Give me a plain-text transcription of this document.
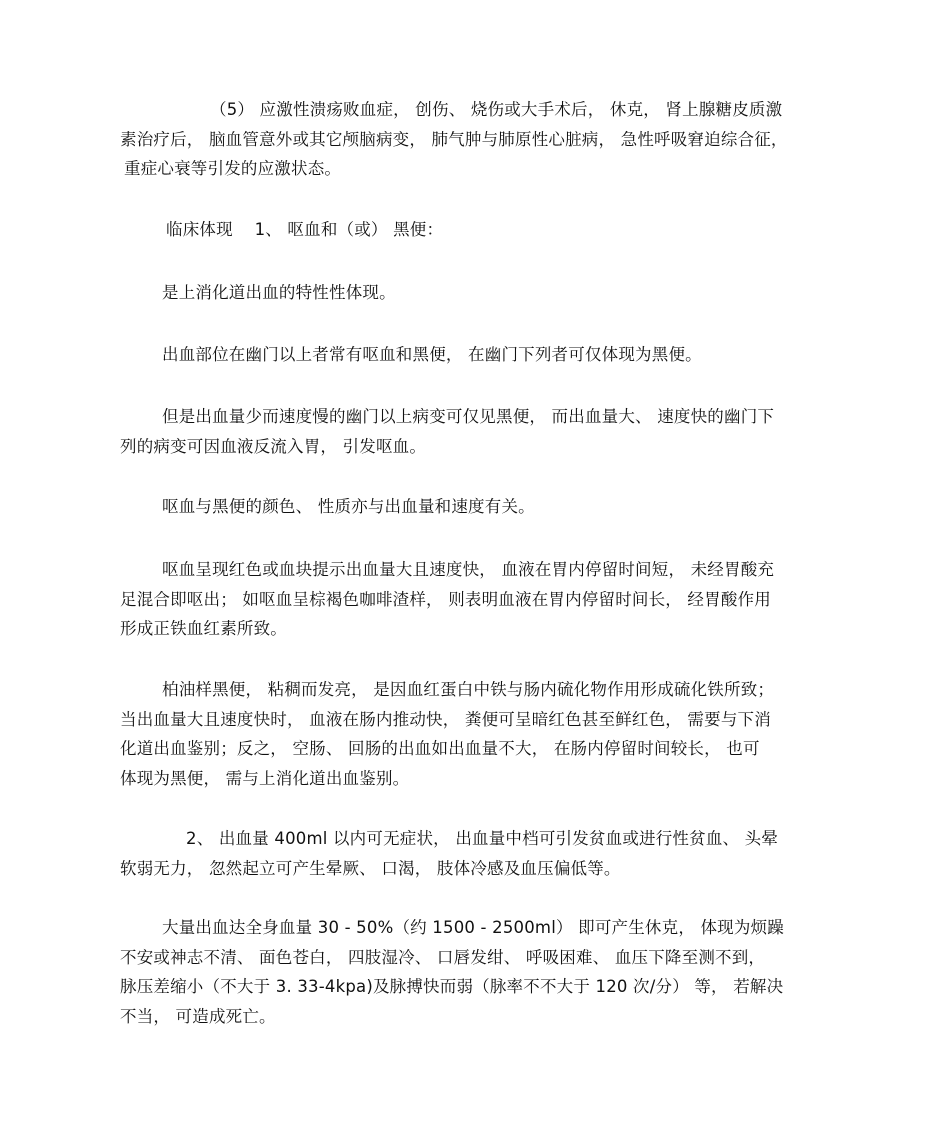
（5） 应激性溃疡败血症， 创伤、 烧伤或大手术后， 休克， 肾上腺糖皮质激
素治疗后， 脑血管意外或其它颅脑病变， 肺气肿与肺原性心脏病， 急性呼吸窘迫综合征，
重症心衰等引发的应激状态。

临床体现    1、 呕血和（或） 黑便：

是上消化道出血的特性性体现。

出血部位在幽门以上者常有呕血和黑便， 在幽门下列者可仅体现为黑便。

但是出血量少而速度慢的幽门以上病变可仅见黑便， 而出血量大、 速度快的幽门下
列的病变可因血液反流入胃， 引发呕血。

呕血与黑便的颜色、 性质亦与出血量和速度有关。

呕血呈现红色或血块提示出血量大且速度快， 血液在胃内停留时间短， 未经胃酸充
足混合即呕出； 如呕血呈棕褐色咖啡渣样， 则表明血液在胃内停留时间长， 经胃酸作用
形成正铁血红素所致。

柏油样黑便， 粘稠而发亮， 是因血红蛋白中铁与肠内硫化物作用形成硫化铁所致；
当出血量大且速度快时， 血液在肠内推动快， 粪便可呈暗红色甚至鲜红色， 需要与下消
化道出血鉴别；反之， 空肠、 回肠的出血如出血量不大， 在肠内停留时间较长， 也可
体现为黑便， 需与上消化道出血鉴别。

2、 出血量 400ml 以内可无症状， 出血量中档可引发贫血或进行性贫血、 头晕
软弱无力， 忽然起立可产生晕厥、 口渴， 肢体冷感及血压偏低等。

大量出血达全身血量 30 - 50%（约 1500 - 2500ml） 即可产生休克， 体现为烦躁
不安或神志不清、 面色苍白， 四肢湿冷、 口唇发绀、 呼吸困难、 血压下降至测不到，
脉压差缩小（不大于 3. 33-4kpa)及脉搏快而弱（脉率不不大于 120 次/分） 等， 若解决
不当， 可造成死亡。
